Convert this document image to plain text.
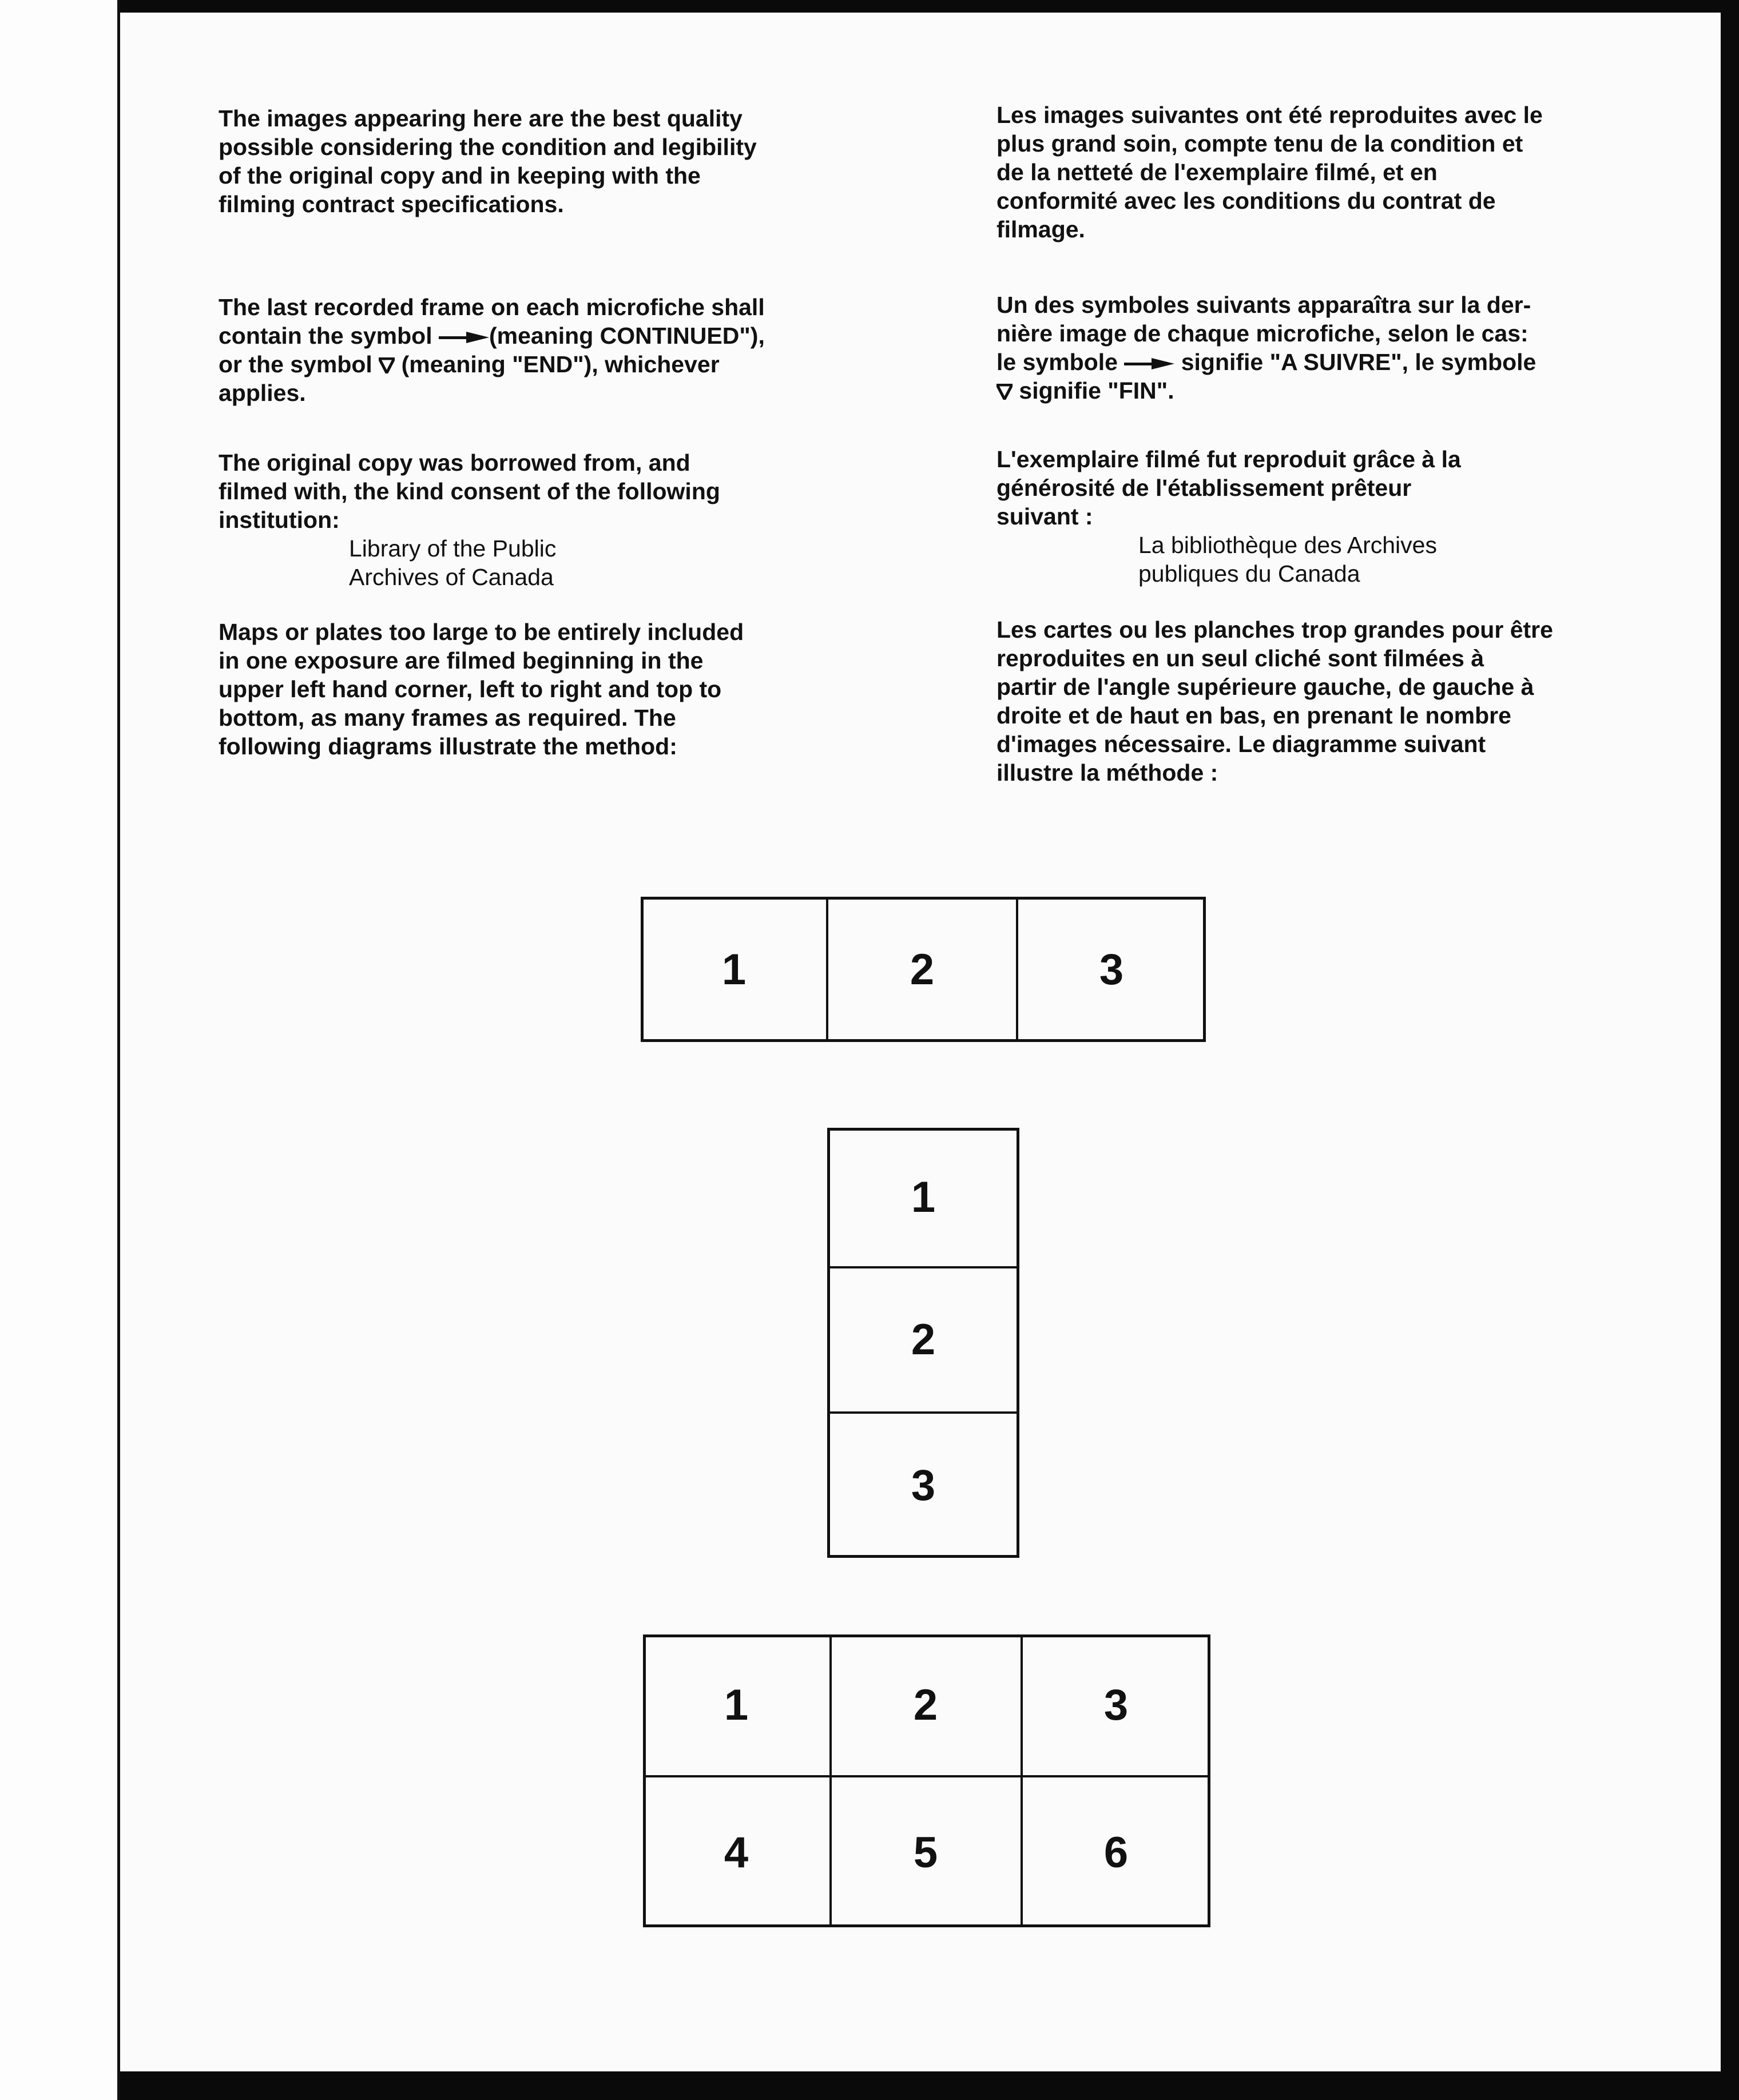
The images appearing here are the best quality
possible considering the condition and legibility
of the original copy and in keeping with the
filming contract specifications.

The last recorded frame on each microfiche shall

contain the symbol (meaning CONTINUED"),

or the symbol  (meaning "END"), whichever

applies.

The original copy was borrowed from, and
filmed with, the kind consent of the following
institution:

Library of the Public
Archives of Canada

Maps or plates too large to be entirely included
in one exposure are filmed beginning in the
upper left hand corner, left to right and top to
bottom, as many frames as required. The
following diagrams illustrate the method:

Les images suivantes ont été reproduites avec le
plus grand soin, compte tenu de la condition et
de la netteté de l'exemplaire filmé, et en
conformité avec les conditions du contrat de
filmage.

Un des symboles suivants apparaîtra sur la der-

nière image de chaque microfiche, selon le cas:

le symbole  signifie "A SUIVRE", le symbole

signifie "FIN".

L'exemplaire filmé fut reproduit grâce à la
générosité de l'établissement prêteur
suivant :

La bibliothèque des Archives
publiques du Canada

Les cartes ou les planches trop grandes pour être
reproduites en un seul cliché sont filmées à
partir de l'angle supérieure gauche, de gauche à
droite et de haut en bas, en prenant le nombre
d'images nécessaire. Le diagramme suivant
illustre la méthode :

1	2	3
1
2
3
1	2	3
4	5	6
